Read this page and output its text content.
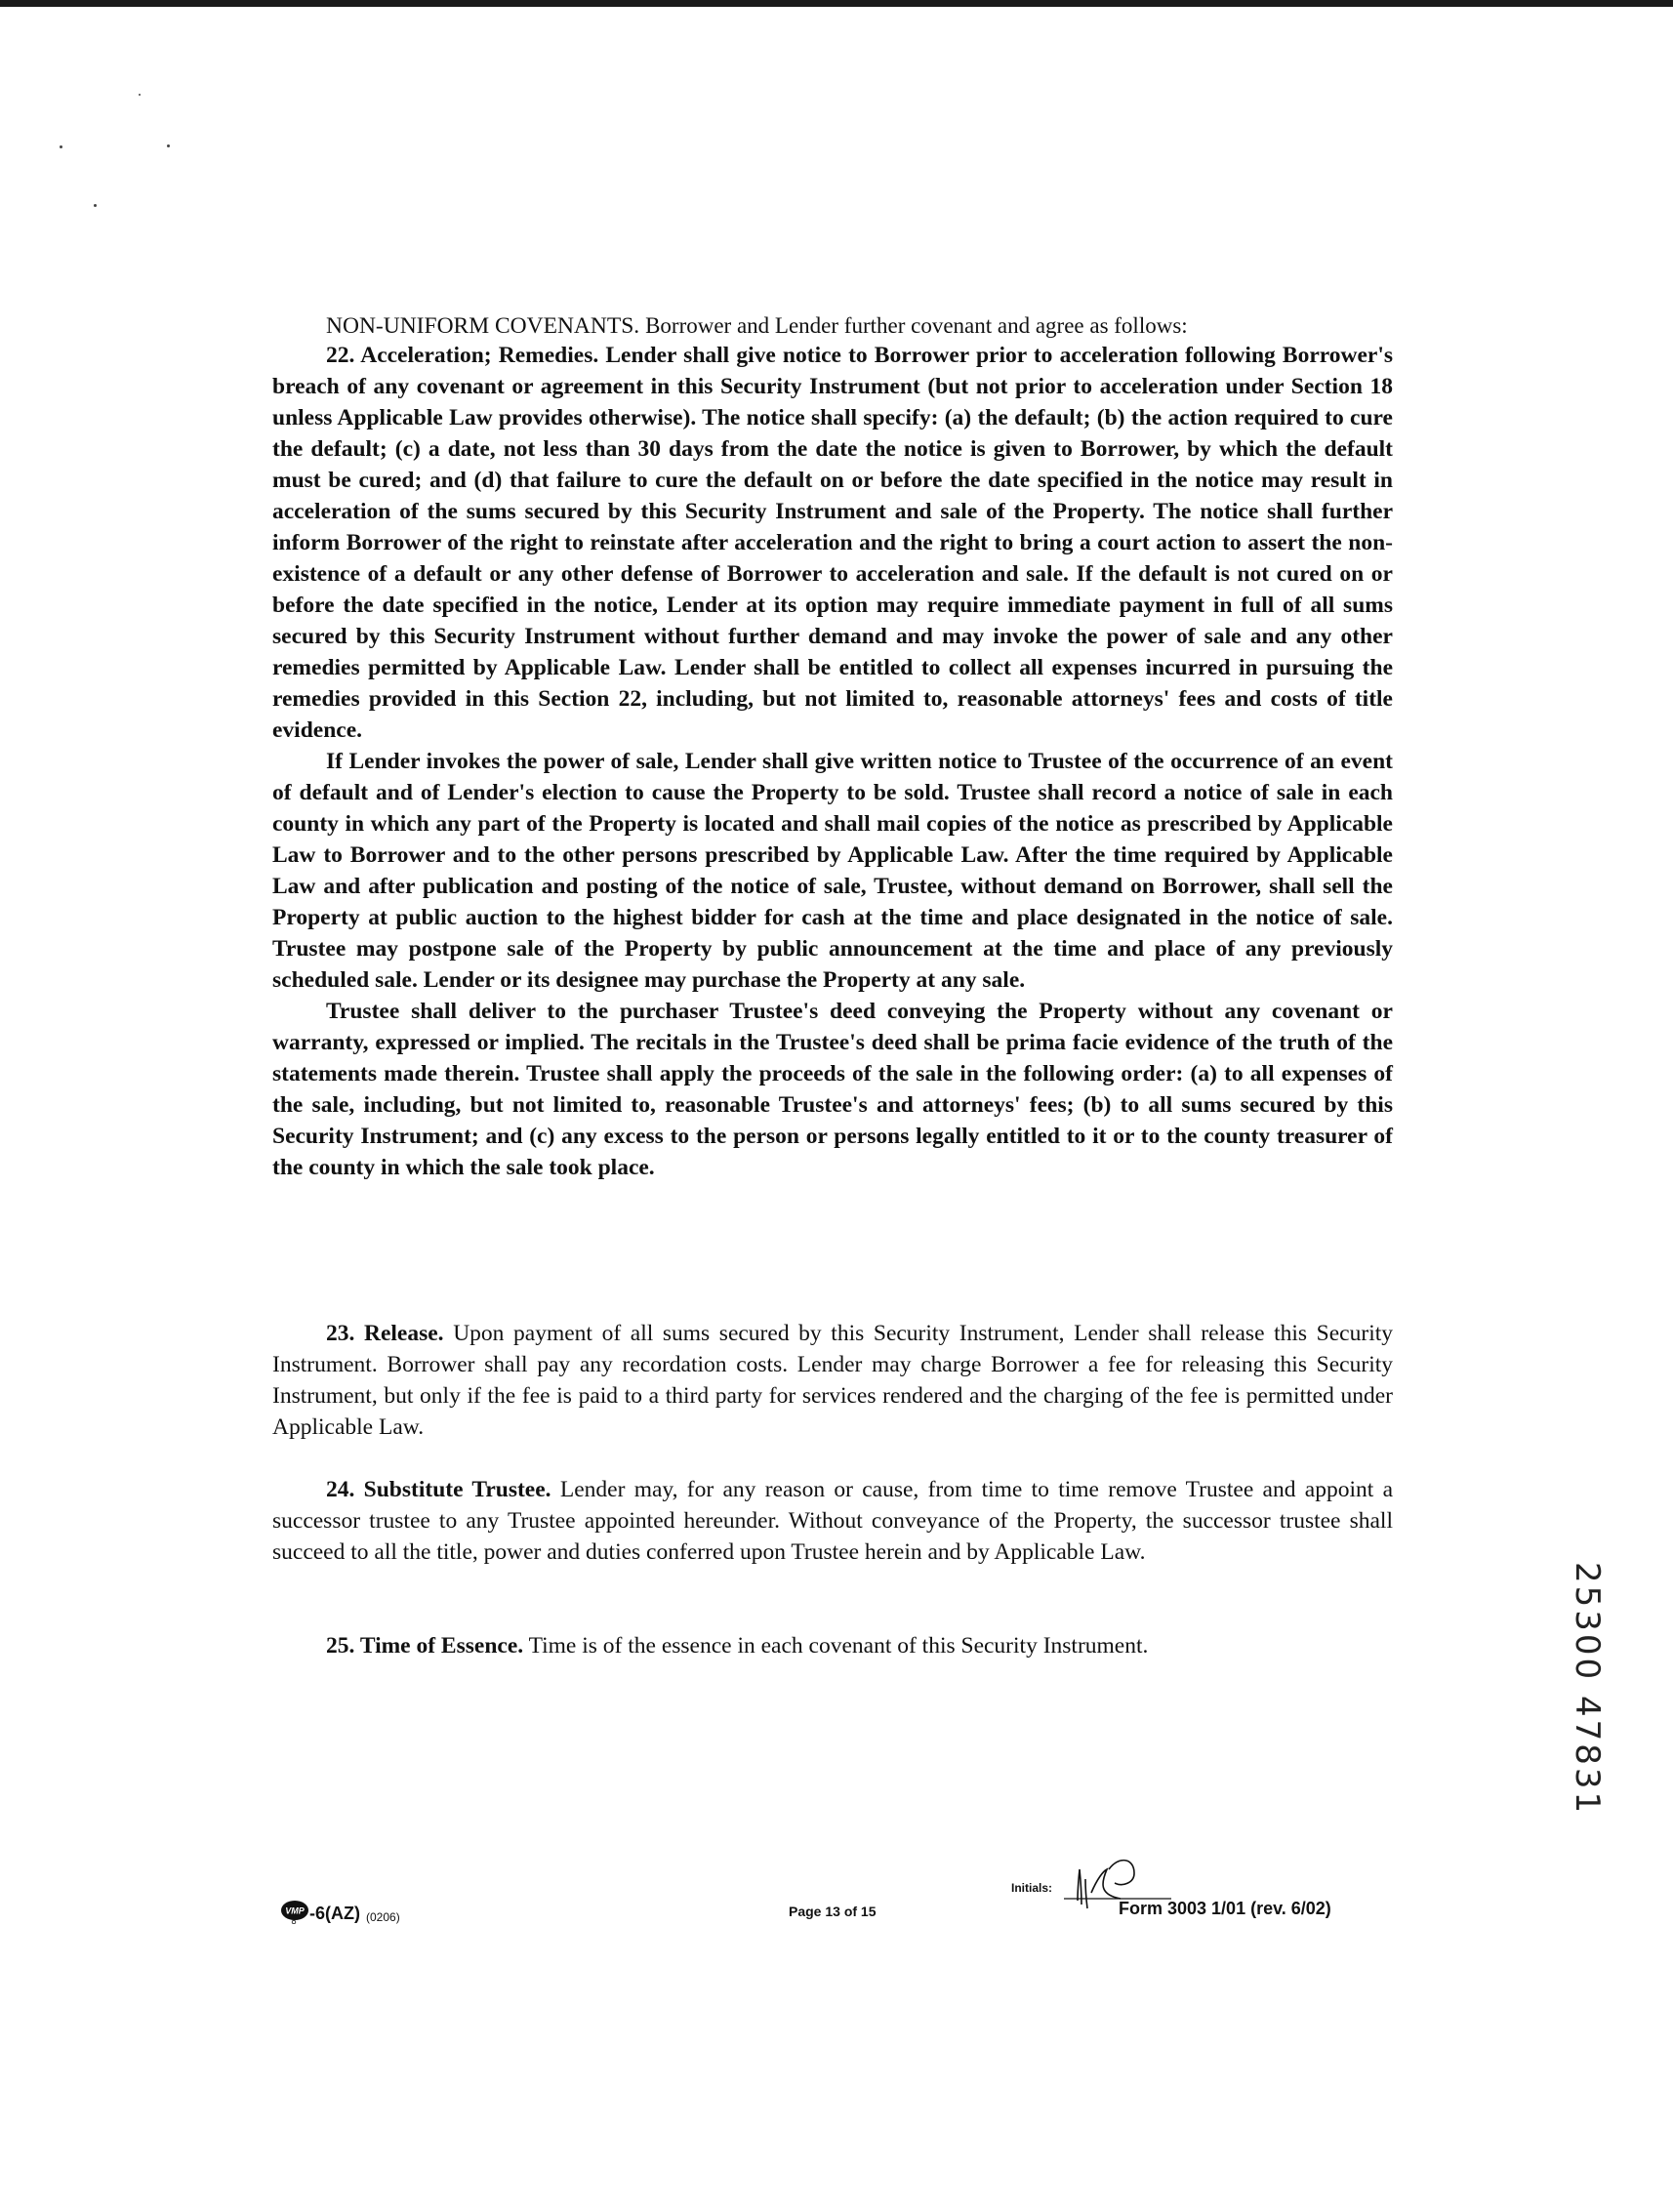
NON-UNIFORM COVENANTS. Borrower and Lender further covenant and agree as follows:
22. Acceleration; Remedies. Lender shall give notice to Borrower prior to acceleration following Borrower's breach of any covenant or agreement in this Security Instrument (but not prior to acceleration under Section 18 unless Applicable Law provides otherwise). The notice shall specify: (a) the default; (b) the action required to cure the default; (c) a date, not less than 30 days from the date the notice is given to Borrower, by which the default must be cured; and (d) that failure to cure the default on or before the date specified in the notice may result in acceleration of the sums secured by this Security Instrument and sale of the Property. The notice shall further inform Borrower of the right to reinstate after acceleration and the right to bring a court action to assert the non-existence of a default or any other defense of Borrower to acceleration and sale. If the default is not cured on or before the date specified in the notice, Lender at its option may require immediate payment in full of all sums secured by this Security Instrument without further demand and may invoke the power of sale and any other remedies permitted by Applicable Law. Lender shall be entitled to collect all expenses incurred in pursuing the remedies provided in this Section 22, including, but not limited to, reasonable attorneys' fees and costs of title evidence.
If Lender invokes the power of sale, Lender shall give written notice to Trustee of the occurrence of an event of default and of Lender's election to cause the Property to be sold. Trustee shall record a notice of sale in each county in which any part of the Property is located and shall mail copies of the notice as prescribed by Applicable Law to Borrower and to the other persons prescribed by Applicable Law. After the time required by Applicable Law and after publication and posting of the notice of sale, Trustee, without demand on Borrower, shall sell the Property at public auction to the highest bidder for cash at the time and place designated in the notice of sale. Trustee may postpone sale of the Property by public announcement at the time and place of any previously scheduled sale. Lender or its designee may purchase the Property at any sale.
Trustee shall deliver to the purchaser Trustee's deed conveying the Property without any covenant or warranty, expressed or implied. The recitals in the Trustee's deed shall be prima facie evidence of the truth of the statements made therein. Trustee shall apply the proceeds of the sale in the following order: (a) to all expenses of the sale, including, but not limited to, reasonable Trustee's and attorneys' fees; (b) to all sums secured by this Security Instrument; and (c) any excess to the person or persons legally entitled to it or to the county treasurer of the county in which the sale took place.
23. Release. Upon payment of all sums secured by this Security Instrument, Lender shall release this Security Instrument. Borrower shall pay any recordation costs. Lender may charge Borrower a fee for releasing this Security Instrument, but only if the fee is paid to a third party for services rendered and the charging of the fee is permitted under Applicable Law.
24. Substitute Trustee. Lender may, for any reason or cause, from time to time remove Trustee and appoint a successor trustee to any Trustee appointed hereunder. Without conveyance of the Property, the successor trustee shall succeed to all the title, power and duties conferred upon Trustee herein and by Applicable Law.
25. Time of Essence. Time is of the essence in each covenant of this Security Instrument.
VMP -6(AZ) (0206)	Page 13 of 15
Initials:
Form 3003 1/01 (rev. 6/02)
25300 47831
